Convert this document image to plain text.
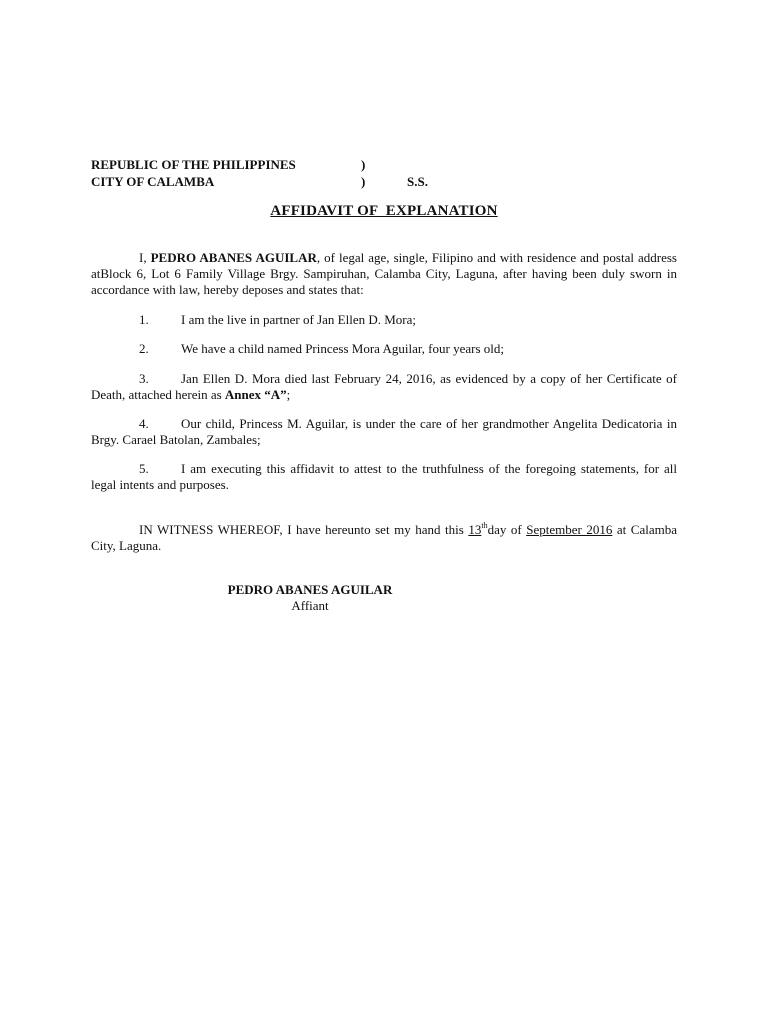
REPUBLIC OF THE PHILIPPINES	)
CITY OF CALAMBA	)	S.S.
AFFIDAVIT OF  EXPLANATION
I, PEDRO ABANES AGUILAR, of legal age, single, Filipino and with residence and postal address atBlock 6, Lot 6 Family Village Brgy. Sampiruhan, Calamba City, Laguna, after having been duly sworn in accordance with law, hereby deposes and states that:
1. I am the live in partner of Jan Ellen D. Mora;
2. We have a child named Princess Mora Aguilar, four years old;
3. Jan Ellen D. Mora died last February 24, 2016, as evidenced by a copy of her Certificate of Death, attached herein as Annex “A”;
4. Our child, Princess M. Aguilar, is under the care of her grandmother Angelita Dedicatoria in Brgy. Carael Batolan, Zambales;
5. I am executing this affidavit to attest to the truthfulness of the foregoing statements, for all legal intents and purposes.
IN WITNESS WHEREOF, I have hereunto set my hand this 13thday of September 2016 at Calamba City, Laguna.
PEDRO ABANES AGUILAR
Affiant
